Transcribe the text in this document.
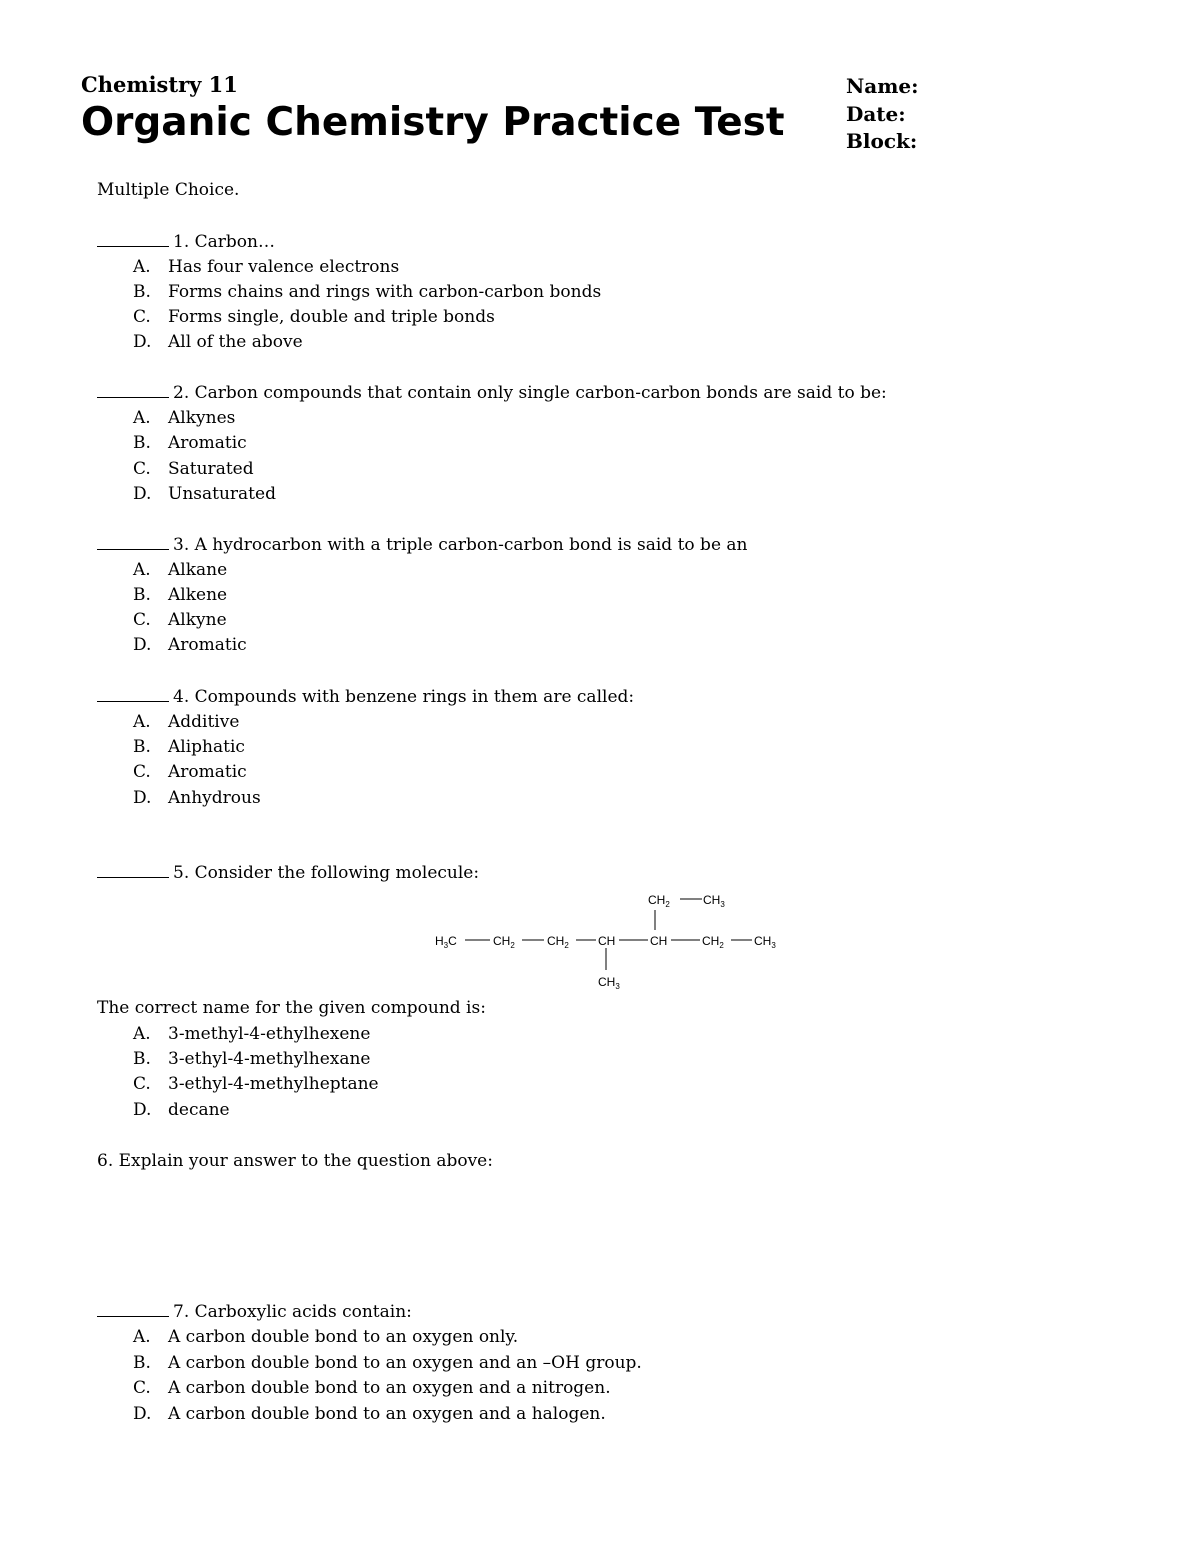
Chemistry 11
Organic Chemistry Practice Test
Name:
Date:
Block:
Multiple Choice.
1. Carbon…
A. Has four valence electrons
B. Forms chains and rings with carbon-carbon bonds
C. Forms single, double and triple bonds
D. All of the above
2. Carbon compounds that contain only single carbon-carbon bonds are said to be:
A. Alkynes
B. Aromatic
C. Saturated
D. Unsaturated
3. A hydrocarbon with a triple carbon-carbon bond is said to be an
A. Alkane
B. Alkene
C. Alkyne
D. Aromatic
4. Compounds with benzene rings in them are called:
A. Additive
B. Aliphatic
C. Aromatic
D. Anhydrous
5. Consider the following molecule:
$CH_2$	$CH_3$
$H_3C$	$CH_2$	$CH_2$ CH	CH	$CH_2$	$CH_3$
$CH_3$
The correct name for the given compound is:
A. 3-methyl-4-ethylhexene
B. 3-ethyl-4-methylhexane
C. 3-ethyl-4-methylheptane
D. decane
6. Explain your answer to the question above:
7. Carboxylic acids contain:
A. A carbon double bond to an oxygen only.
B. A carbon double bond to an oxygen and an –OH group.
C. A carbon double bond to an oxygen and a nitrogen.
D. A carbon double bond to an oxygen and a halogen.
